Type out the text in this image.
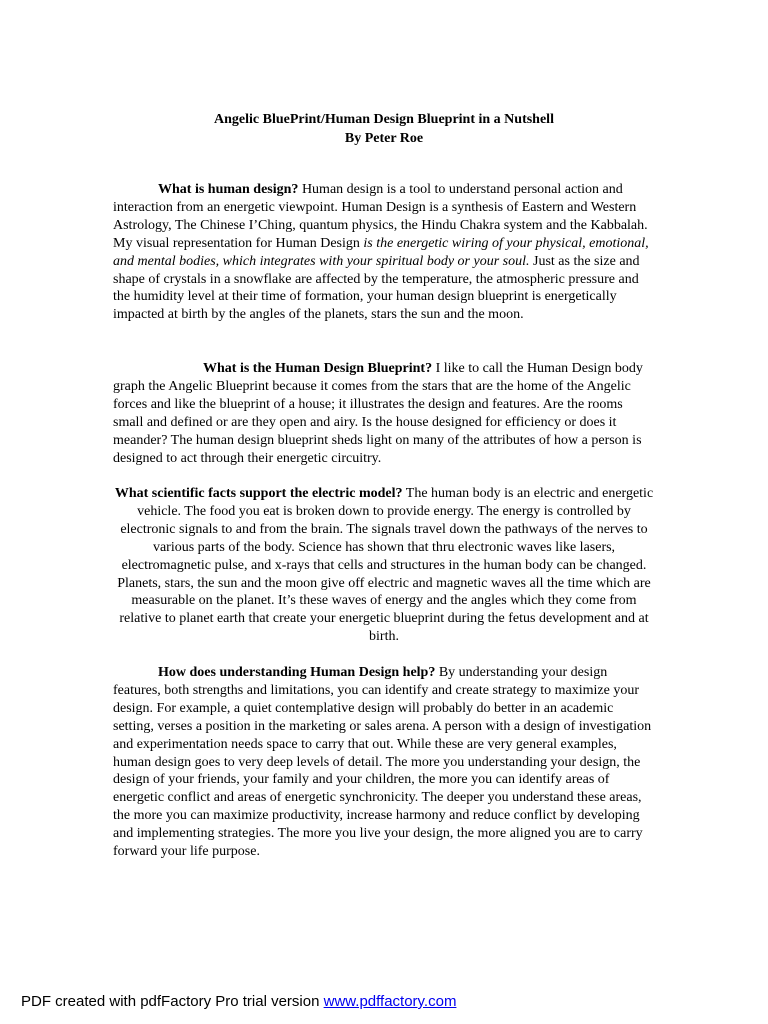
Angelic BluePrint/Human Design Blueprint in a Nutshell
By Peter Roe

What is human design? Human design is a tool to understand personal action and interaction from an energetic viewpoint. Human Design is a synthesis of Eastern and Western Astrology, The Chinese I’Ching, quantum physics, the Hindu Chakra system and the Kabbalah. My visual representation for Human Design is the energetic wiring of your physical, emotional, and mental bodies, which integrates with your spiritual body or your soul. Just as the size and shape of crystals in a snowflake are affected by the temperature, the atmospheric pressure and the humidity level at their time of formation, your human design blueprint is energetically impacted at birth by the angles of the planets, stars the sun and the moon.

What is the Human Design Blueprint? I like to call the Human Design body graph the Angelic Blueprint because it comes from the stars that are the home of the Angelic forces and like the blueprint of a house; it illustrates the design and features. Are the rooms small and defined or are they open and airy. Is the house designed for efficiency or does it meander? The human design blueprint sheds light on many of the attributes of how a person is designed to act through their energetic circuitry.

What scientific facts support the electric model? The human body is an electric and energetic vehicle. The food you eat is broken down to provide energy. The energy is controlled by electronic signals to and from the brain. The signals travel down the pathways of the nerves to various parts of the body. Science has shown that thru electronic waves like lasers, electromagnetic pulse, and x-rays that cells and structures in the human body can be changed. Planets, stars, the sun and the moon give off electric and magnetic waves all the time which are measurable on the planet. It’s these waves of energy and the angles which they come from relative to planet earth that create your energetic blueprint during the fetus development and at birth.

How does understanding Human Design help? By understanding your design features, both strengths and limitations, you can identify and create strategy to maximize your design. For example, a quiet contemplative design will probably do better in an academic setting, verses a position in the marketing or sales arena. A person with a design of investigation and experimentation needs space to carry that out. While these are very general examples, human design goes to very deep levels of detail. The more you understanding your design, the design of your friends, your family and your children, the more you can identify areas of energetic conflict and areas of energetic synchronicity. The deeper you understand these areas, the more you can maximize productivity, increase harmony and reduce conflict by developing and implementing strategies. The more you live your design, the more aligned you are to carry forward your life purpose.

PDF created with pdfFactory Pro trial version www.pdffactory.com
